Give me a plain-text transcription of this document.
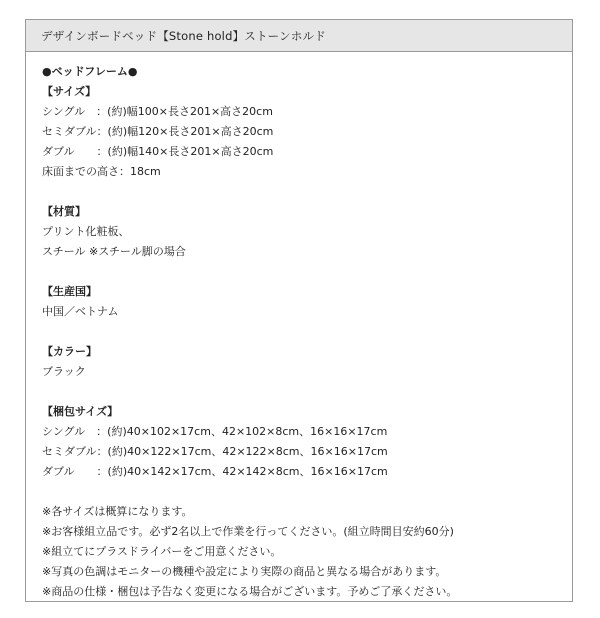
デザインボードベッド【Stone hold】ストーンホルド
●ベッドフレーム●
【サイズ】
シングル　：(約)幅100×長さ201×高さ20cm
セミダブル：(約)幅120×長さ201×高さ20cm
ダブル　　：(約)幅140×長さ201×高さ20cm
床面までの高さ：18cm
【材質】
プリント化粧板、
スチール ※スチール脚の場合
【生産国】
中国／ベトナム
【カラー】
ブラック
【梱包サイズ】
シングル　：(約)40×102×17cm、42×102×8cm、16×16×17cm
セミダブル：(約)40×122×17cm、42×122×8cm、16×16×17cm
ダブル　　：(約)40×142×17cm、42×142×8cm、16×16×17cm
※各サイズは概算になります。
※お客様組立品です。必ず2名以上で作業を行ってください。(組立時間目安約60分)
※組立てにプラスドライバーをご用意ください。
※写真の色調はモニターの機種や設定により実際の商品と異なる場合があります。
※商品の仕様・梱包は予告なく変更になる場合がございます。予めご了承ください。
